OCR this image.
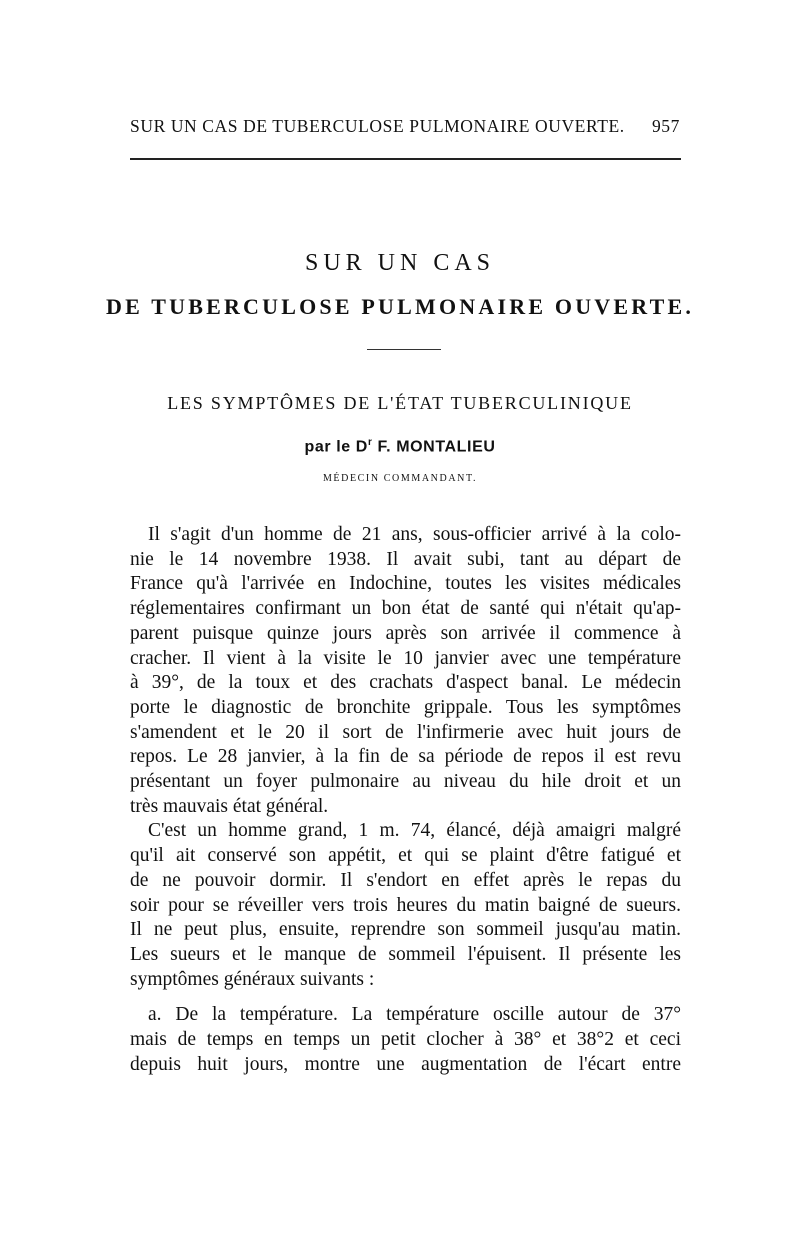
SUR UN CAS DE TUBERCULOSE PULMONAIRE OUVERTE. 957
SUR UN CAS
DE TUBERCULOSE PULMONAIRE OUVERTE.
LES SYMPTÔMES DE L'ÉTAT TUBERCULINIQUE
par le $D^r$ F. MONTALIEU
MÉDECIN COMMANDANT.
Il s'agit d'un homme de 21 ans, sous-officier arrivé à la colo-
nie le 14 novembre 1938. Il avait subi, tant au départ de
France qu'à l'arrivée en Indochine, toutes les visites médicales
réglementaires confirmant un bon état de santé qui n'était qu'ap-
parent puisque quinze jours après son arrivée il commence à
cracher. Il vient à la visite le 10 janvier avec une température
à 39°, de la toux et des crachats d'aspect banal. Le médecin
porte le diagnostic de bronchite grippale. Tous les symptômes
s'amendent et le 20 il sort de l'infirmerie avec huit jours de
repos. Le 28 janvier, à la fin de sa période de repos il est revu
présentant un foyer pulmonaire au niveau du hile droit et un
très mauvais état général.
C'est un homme grand, 1 m. 74, élancé, déjà amaigri malgré
qu'il ait conservé son appétit, et qui se plaint d'être fatigué et
de ne pouvoir dormir. Il s'endort en effet après le repas du
soir pour se réveiller vers trois heures du matin baigné de sueurs.
Il ne peut plus, ensuite, reprendre son sommeil jusqu'au matin.
Les sueurs et le manque de sommeil l'épuisent. Il présente les
symptômes généraux suivants :
a. De la température. La température oscille autour de 37°
mais de temps en temps un petit clocher à 38° et 38°2 et ceci
depuis huit jours, montre une augmentation de l'écart entre
